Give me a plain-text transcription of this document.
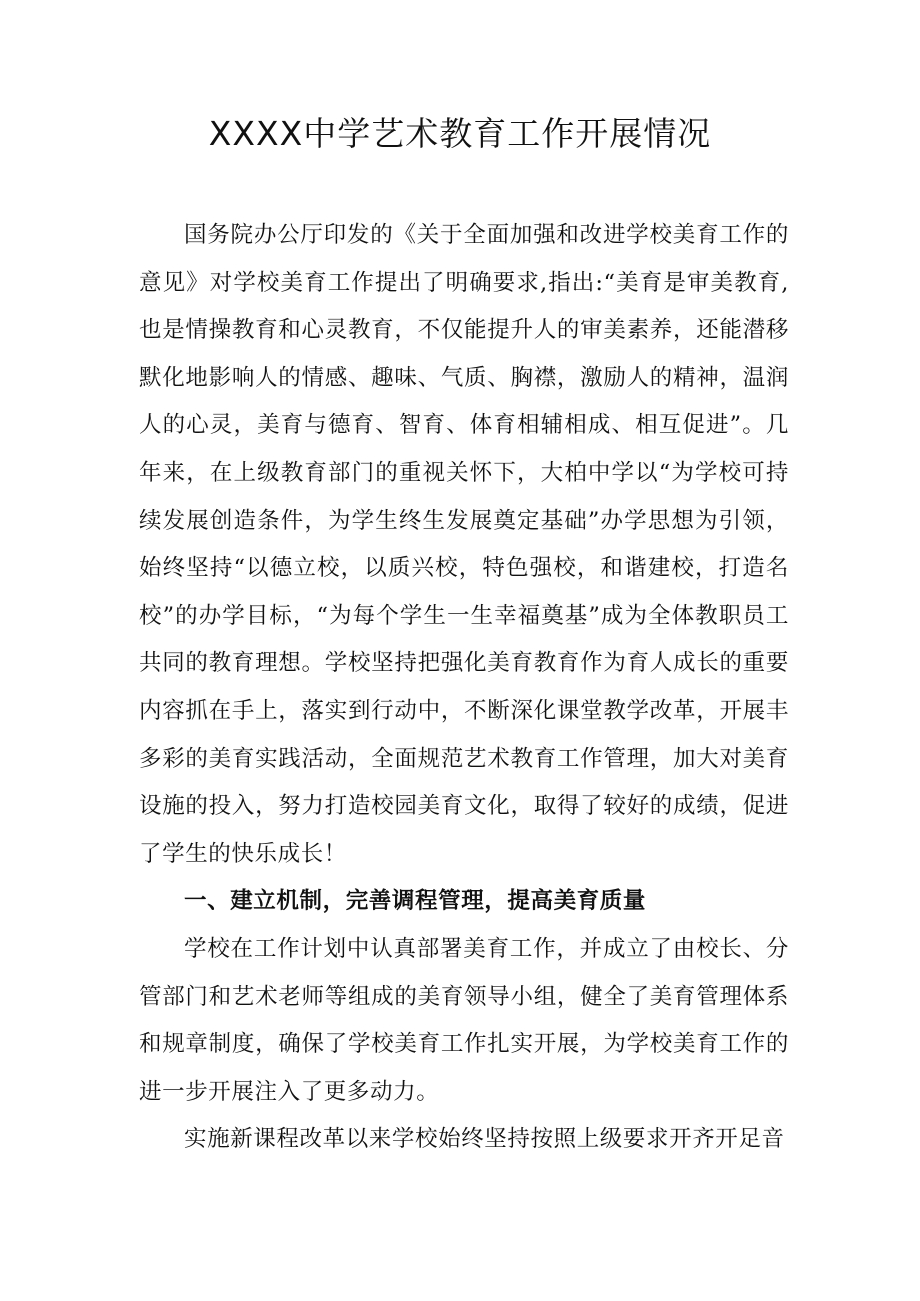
XXXX中学艺术教育工作开展情况

国务院办公厅印发的《关于全面加强和改进学校美育工作的意见》对学校美育工作提出了明确要求,指出:“美育是审美教育,也是情操教育和心灵教育，不仅能提升人的审美素养，还能潜移默化地影响人的情感、趣味、气质、胸襟，激励人的精神，温润人的心灵，美育与德育、智育、体育相辅相成、相互促进”。几年来，在上级教育部门的重视关怀下，大柏中学以“为学校可持续发展创造条件，为学生终生发展奠定基础”办学思想为引领，始终坚持“以德立校，以质兴校，特色强校，和谐建校，打造名校”的办学目标，“为每个学生一生幸福奠基”成为全体教职员工共同的教育理想。学校坚持把强化美育教育作为育人成长的重要内容抓在手上，落实到行动中，不断深化课堂教学改革，开展丰多彩的美育实践活动，全面规范艺术教育工作管理，加大对美育设施的投入，努力打造校园美育文化，取得了较好的成绩，促进了学生的快乐成长！

一、建立机制，完善调程管理，提高美育质量

学校在工作计划中认真部署美育工作，并成立了由校长、分管部门和艺术老师等组成的美育领导小组，健全了美育管理体系和规章制度，确保了学校美育工作扎实开展，为学校美育工作的进一步开展注入了更多动力。

实施新课程改革以来学校始终坚持按照上级要求开齐开足音
